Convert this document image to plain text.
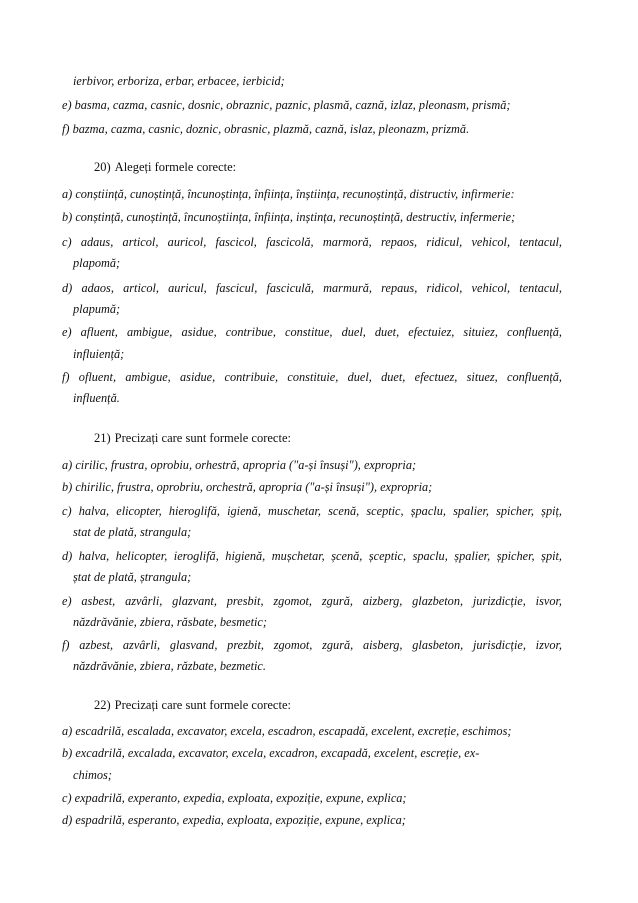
ierbivor, erboriza, erbar, erbacee, ierbicid;
e) basma, cazma, casnic, dosnic, obraznic, paznic, plasmă, caznă, izlaz, pleonasm, prismă;
f) bazma, cazma, casnic, doznic, obrasnic, plazmă, caznă, islaz, pleonazm, prizmă.
20) Alegeți formele corecte:
a) conștiință, cunoștință, încunoștința, înființa, înștiința, recunoștință, distructiv, infirmerie:
b) conștință, cunoștință, încunoștiința, înființa, inștința, recunoștință, destructiv, infermerie;
c) adaus, articol, auricol, fascicol, fascicolă, marmoră, repaos, ridicul, vehicol, tentacul,
plapomă;
d) adaos, articol, auricul, fascicul, fasciculă, marmură, repaus, ridicol, vehicol, tentacul,
plapumă;
e) afluent, ambigue, asidue, contribue, constitue, duel, duet, efectuiez, situiez, confluență,
influiență;
f) ofluent, ambigue, asidue, contribuie, constituie, duel, duet, efectuez, situez, confluență,
influență.
21) Precizați care sunt formele corecte:
a) cirilic, frustra, oprobiu, orhestră, apropria ("a-și însuși"), expropria;
b) chirilic, frustra, oprobriu, orchestră, apropria ("a-și însuși"), expropria;
c) halva, elicopter, hieroglifă, igienă, muschetar, scenă, sceptic, șpaclu, spalier, spicher, șpiț,
stat de plată, strangula;
d) halva, helicopter, ieroglifă, higienă, mușchetar, șcenă, șceptic, spaclu, șpalier, șpicher, șpit,
ștat de plată, ștrangula;
e) asbest, azvârli, glazvant, presbit, zgomot, zgură, aizberg, glazbeton, jurizdicție, isvor,
năzdrăvănie, zbiera, răsbate, besmetic;
f) azbest, azvârli, glasvand, prezbit, zgomot, zgură, aisberg, glasbeton, jurisdicție, izvor,
năzdrăvănie, zbiera, răzbate, bezmetic.
22) Precizați care sunt formele corecte:
a) escadrilă, escalada, excavator, excela, escadron, escapadă, excelent, excreție, eschimos;
b) excadrilă, excalada, excavator, excela, excadron, excapadă, excelent, escreție, ex-
chimos;
c) expadrilă, experanto, expedia, exploata, expoziție, expune, explica;
d) espadrilă, esperanto, expedia, exploata, expoziție, expune, explica;
